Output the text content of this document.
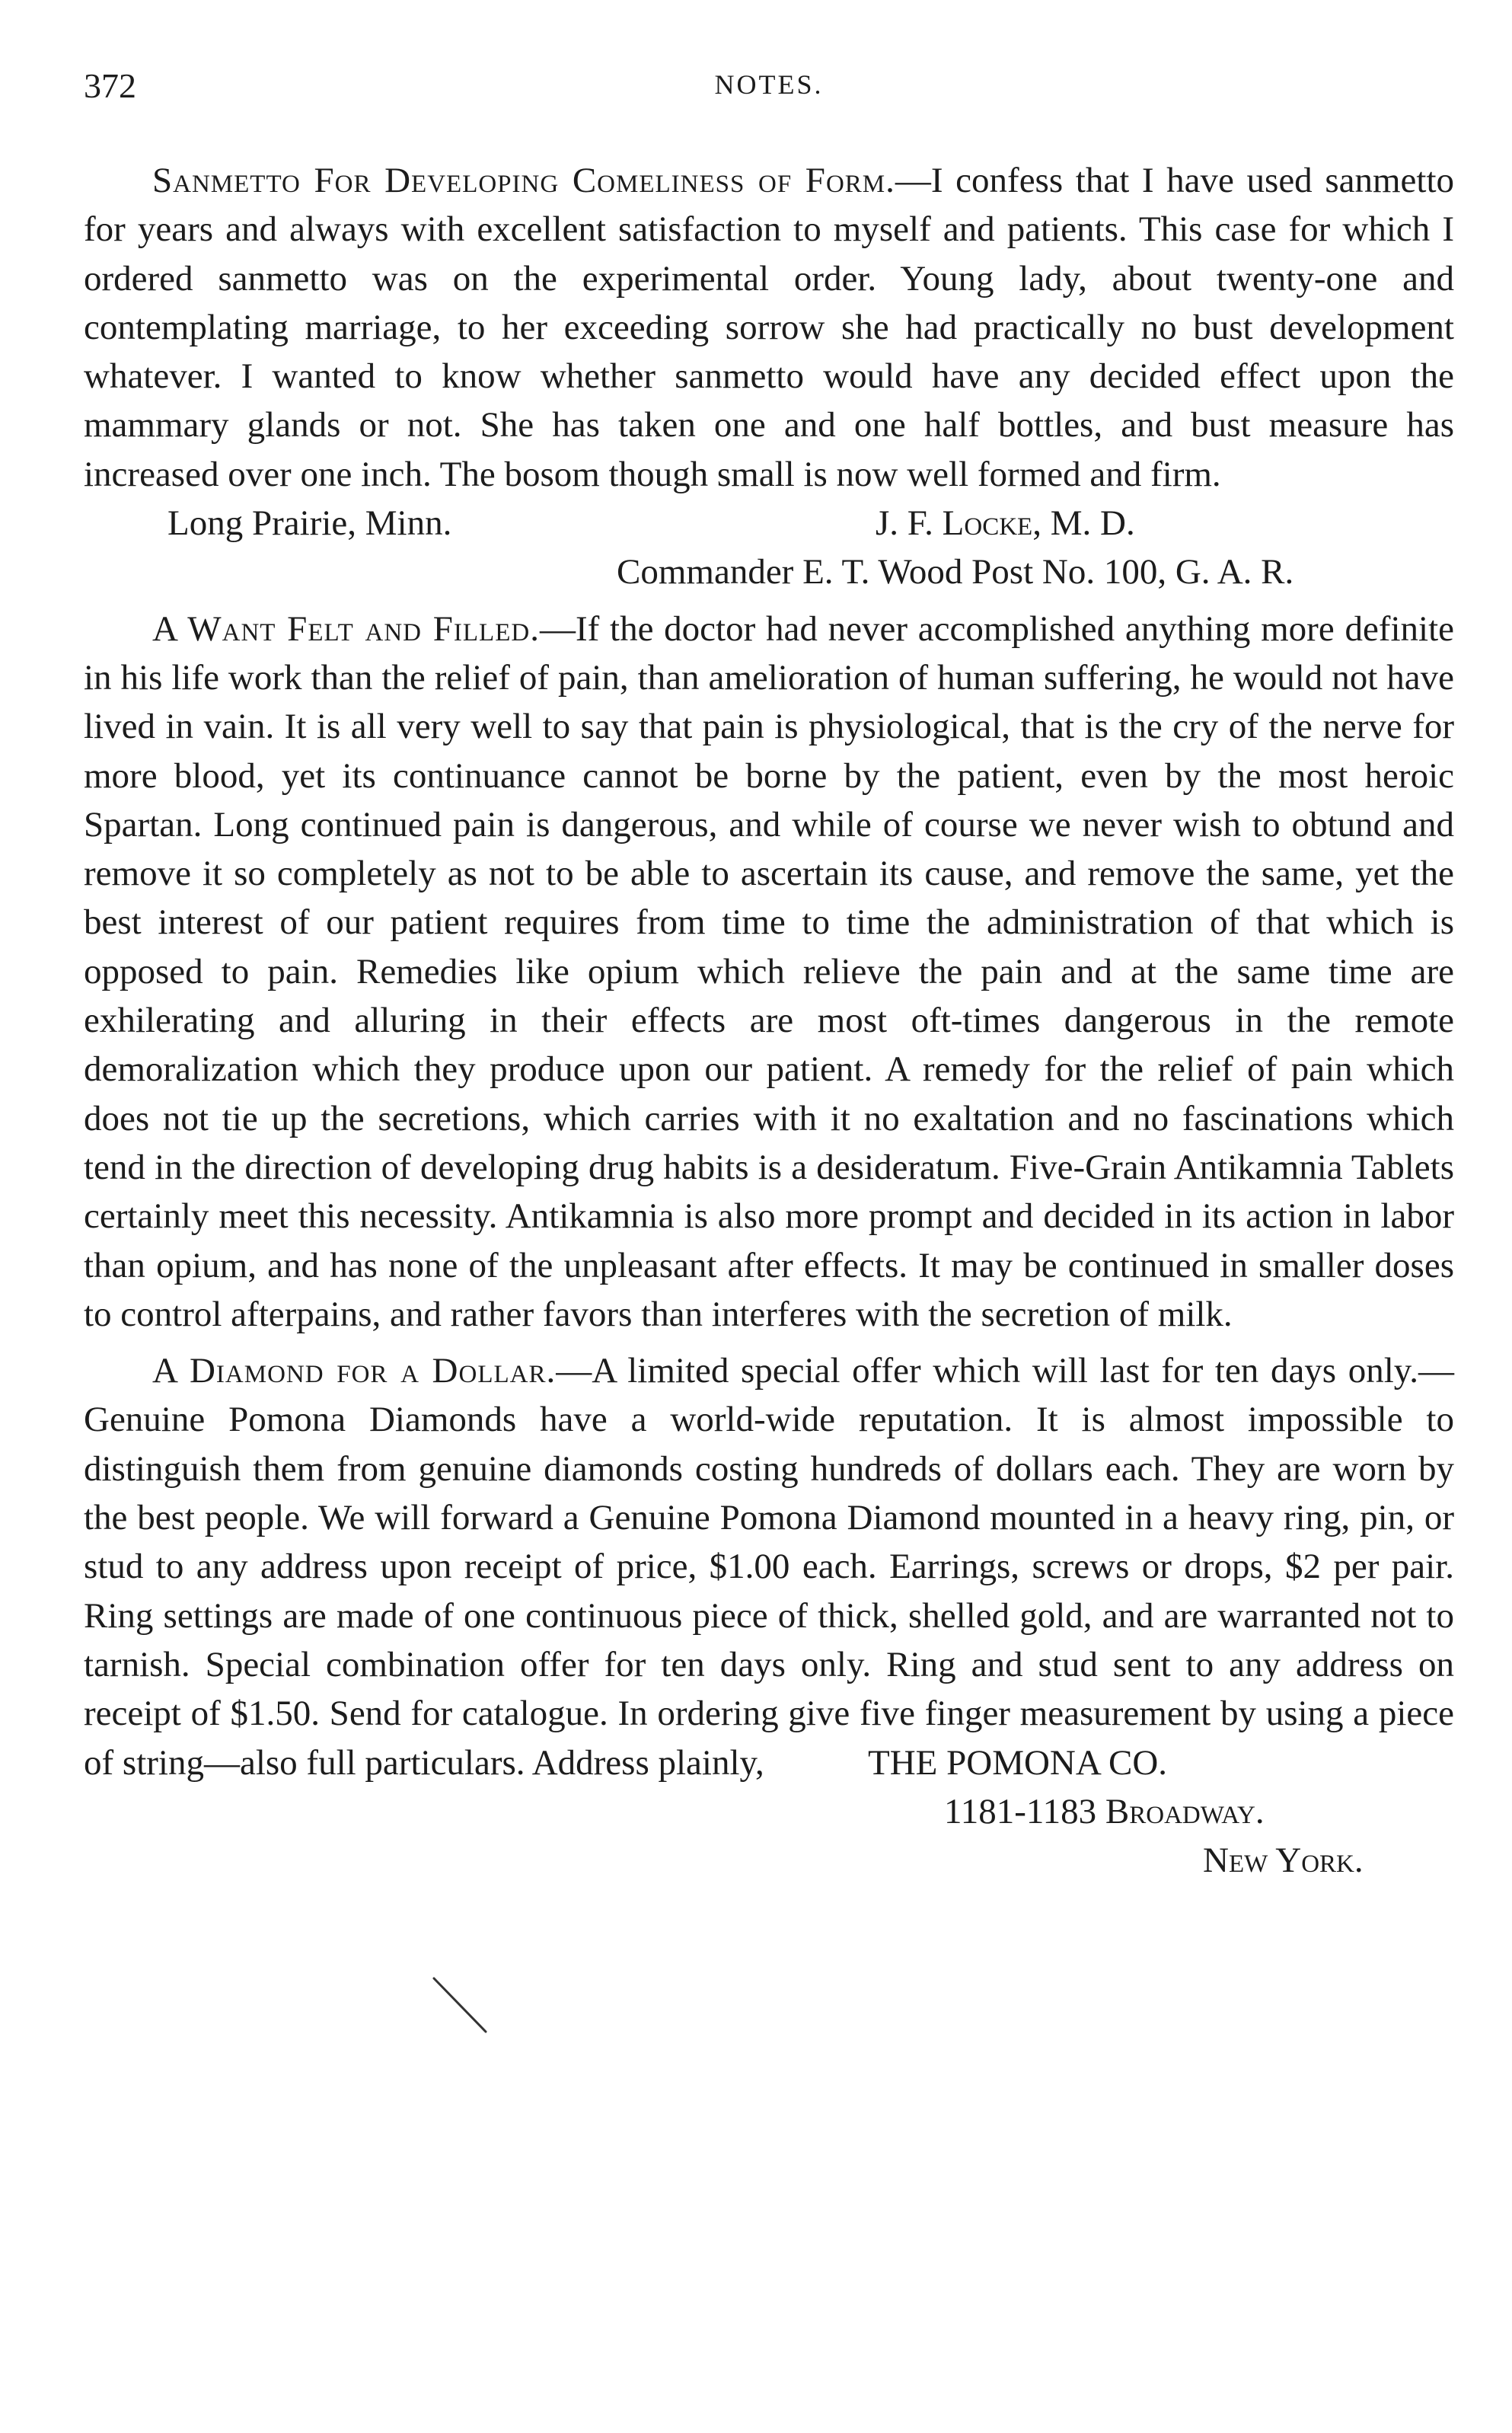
372	NOTES.

Sanmetto For Developing Comeliness of Form.—I confess that I have used sanmetto for years and always with excellent satisfaction to myself and patients. This case for which I ordered sanmetto was on the experimental order. Young lady, about twenty-one and contemplating marriage, to her exceeding sorrow she had practically no bust development whatever. I wanted to know whether sanmetto would have any decided effect upon the mammary glands or not. She has taken one and one half bottles, and bust measure has increased over one inch. The bosom though small is now well formed and firm.

Long Prairie, Minn.	J. F. Locke, M. D.
Commander E. T. Wood Post No. 100, G. A. R.

A Want Felt and Filled.—If the doctor had never accomplished anything more definite in his life work than the relief of pain, than amelioration of human suffering, he would not have lived in vain. It is all very well to say that pain is physiological, that is the cry of the nerve for more blood, yet its continuance cannot be borne by the patient, even by the most heroic Spartan. Long continued pain is dangerous, and while of course we never wish to obtund and remove it so completely as not to be able to ascertain its cause, and remove the same, yet the best interest of our patient requires from time to time the administration of that which is opposed to pain. Remedies like opium which relieve the pain and at the same time are exhilerating and alluring in their effects are most oft-times dangerous in the remote demoralization which they produce upon our patient. A remedy for the relief of pain which does not tie up the secretions, which carries with it no exaltation and no fascinations which tend in the direction of developing drug habits is a desideratum. Five-Grain Antikamnia Tablets certainly meet this necessity. Antikamnia is also more prompt and decided in its action in labor than opium, and has none of the unpleasant after effects. It may be continued in smaller doses to control afterpains, and rather favors than interferes with the secretion of milk.

A Diamond for a Dollar.—A limited special offer which will last for ten days only.—Genuine Pomona Diamonds have a world-wide reputation. It is almost impossible to distinguish them from genuine diamonds costing hundreds of dollars each. They are worn by the best people. We will forward a Genuine Pomona Diamond mounted in a heavy ring, pin, or stud to any address upon receipt of price, $1.00 each. Earrings, screws or drops, $2 per pair. Ring settings are made of one continuous piece of thick, shelled gold, and are warranted not to tarnish. Special combination offer for ten days only. Ring and stud sent to any address on receipt of $1.50. Send for catalogue. In ordering give five finger measurement by using a piece of string—also full particulars. Address plainly,	THE POMONA CO.
1181-1183 Broadway.
New York.
